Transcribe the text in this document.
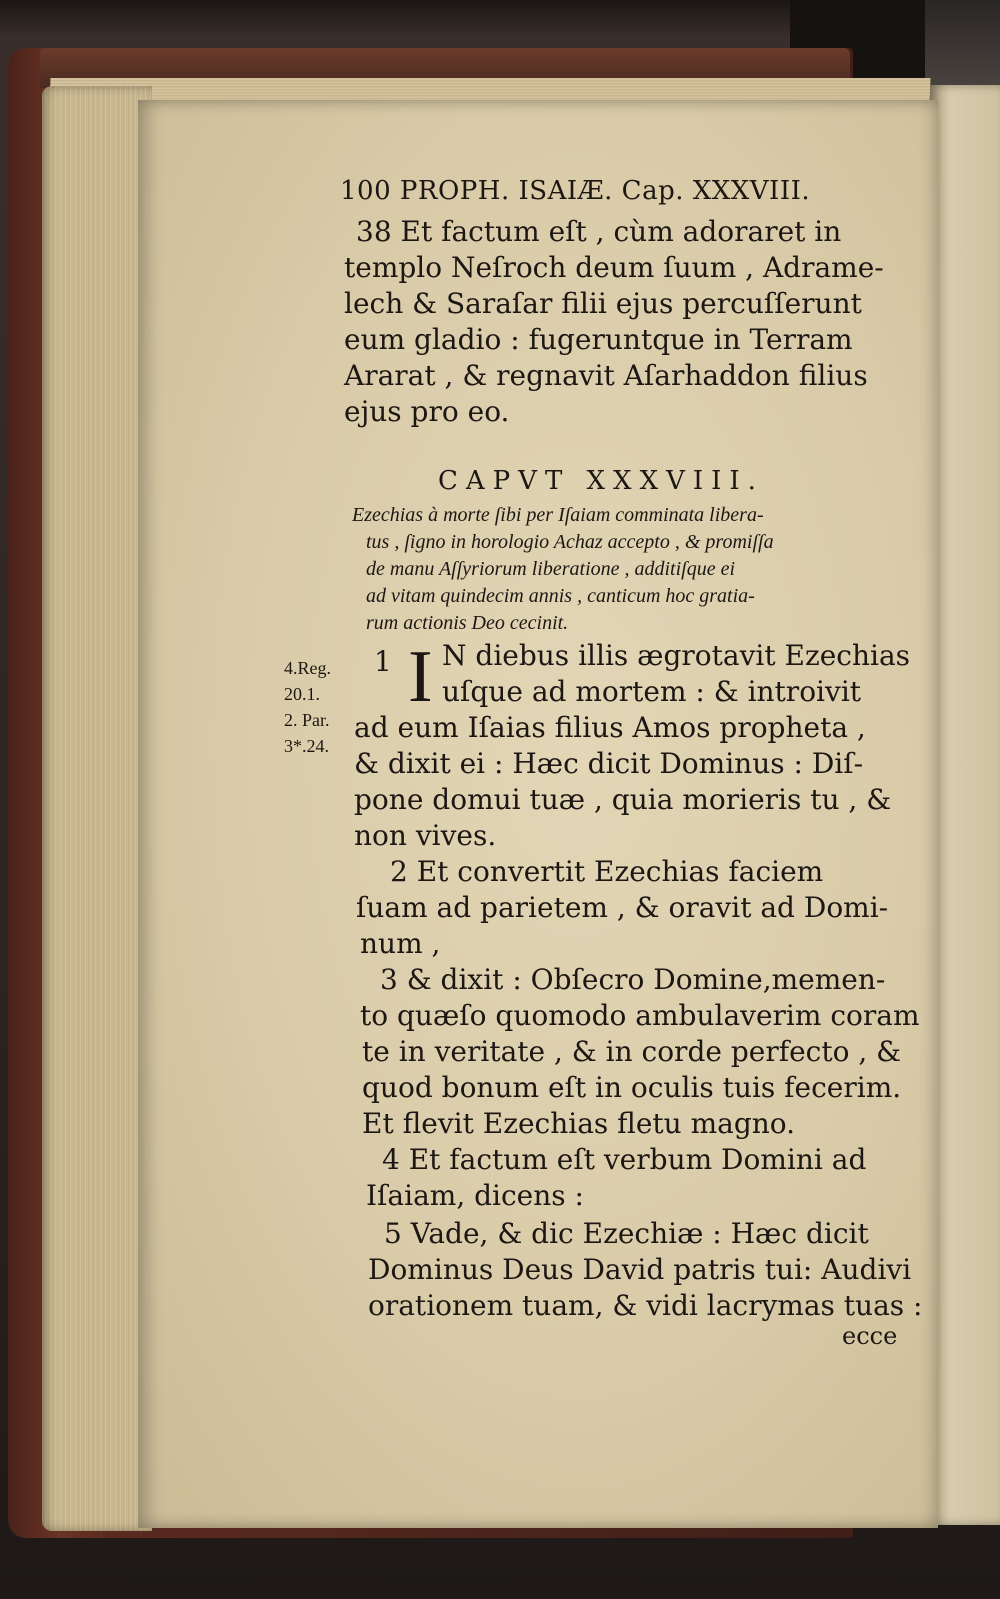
100 PROPH. ISAIÆ. Cap. XXXVIII.
38 Et factum eſt , cùm adoraret in
templo Neſroch deum ſuum , Adrame-
lech & Saraſar filii ejus percuſſerunt
eum gladio : fugeruntque in Terram
Ararat , & regnavit Aſarhaddon filius
ejus pro eo.
CAPVT XXXVIII.
Ezechias à morte ſibi per Iſaiam comminata libera-
tus , ſigno in horologio Achaz accepto , & promiſſa
de manu Aſſyriorum liberatione , additiſque ei
ad vitam quindecim annis , canticum hoc gratia-
rum actionis Deo cecinit.
4.Reg.
20.1.
2. Par.
3*.24.
1 I N diebus illis ægrotavit Ezechias
uſque ad mortem : & introivit
ad eum Iſaias filius Amos propheta ,
& dixit ei : Hæc dicit Dominus : Diſ-
pone domui tuæ , quia morieris tu , &
non vives.
2 Et convertit Ezechias faciem
ſuam ad parietem , & oravit ad Domi-
num ,
3 & dixit : Obſecro Domine,memen-
to quæſo quomodo ambulaverim coram
te in veritate , & in corde perfecto , &
quod bonum eſt in oculis tuis fecerim.
Et flevit Ezechias fletu magno.
4 Et factum eſt verbum Domini ad
Iſaiam, dicens :
5 Vade, & dic Ezechiæ : Hæc dicit
Dominus Deus David patris tui: Audivi
orationem tuam, & vidi lacrymas tuas :
ecce
